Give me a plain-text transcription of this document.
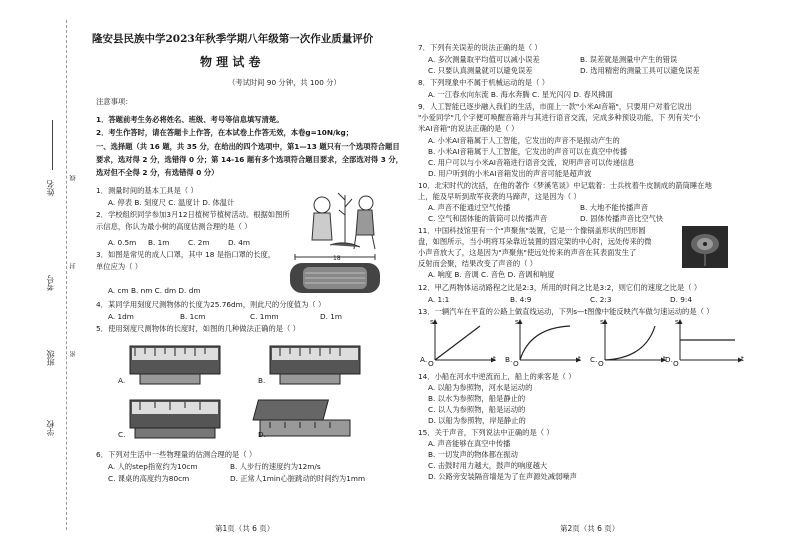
姓名
考号
班级
学校
密 封 线
隆安县民族中学2023年秋季学期八年级第一次作业质量评价
物 理 试 卷
（考试时间 90 分钟，共 100 分）
注意事项：
1．答题前考生务必将姓名、班级、考号等信息填写清楚。
2．考生作答时，请在答题卡上作答，在本试卷上作答无效，本卷g=10N/kg；
一、选择题（共 16 题，共 35 分，在给出的四个选项中，第1—13 题只有一个选项符合题目
要求，选对得 2 分，选错得 0 分；第 14-16 题有多个选项符合题目要求，全部选对得 3 分，
选对但不全得 2 分，有选错得 0 分）
1．测量时间的基本工具是（ ）
A. 停表 B. 刻度尺 C. 温度计 D. 体温计
2．学校组织同学参加3月12日植树节植树活动。根据如图所
示信息，你认为最小树的高度估测合理的是（ ）
A. 0.5m B. 1m	C. 2m	D. 4m
3．如图是常见的成人口罩，其中 18 是指口罩的长度，
单位应为（ ）
A. cm B. nm C. dm D. dm
18
4．某同学用刻度尺测物体的长度为25.76dm，则此尺的分度值为（ ）
A. 1dm	B. 1cm	C. 1mm	D. 1m
5．使用刻度尺测物体的长度时，如图的几种做法正确的是（ ）
A.	B.
C.	D.
6．下列对生活中一些物理量的估测合理的是（ ）
A. 人的step指宽约为10cm	B. 人步行的速度约为12m/s
C. 课桌的高度约为80cm	D. 正常人1min心脏跳动的时间约为1mm
第1页（共 6 页）
7．下列有关误差的说法正确的是（ ）
A. 多次测量取平均值可以减小误差	B. 误差就是测量中产生的错误
C. 只要认真测量就可以避免误差	D. 选用精密的测量工具可以避免误差
8．下列现象中不属于机械运动的是（ ）
A. 一江春水向东流 B. 海水奔腾 C. 星光闪闪 D. 春风拂面
9．人工智能已逐步融入我们的生活，市面上一款"小米AI音箱"，只要用户对着它说出
"小爱同学"几个字便可唤醒音箱并与其进行语音交流，完成多种预设功能，下 列有关"小
米AI音箱"的说法正确的是（ ）
A. 小米AI音箱属于人工智能，它发出的声音不是振动产生的
B. 小米AI音箱属于人工智能，它发出的声音可以在真空中传播
C. 用户可以与小米AI音箱进行语音交流，说明声音可以传递信息
D. 用户听到的小米AI音箱发出的声音可能是超声波
10．北宋时代的沈括，在他的著作《梦溪笔谈》中记载着：士兵枕着牛皮制成的箭筒睡在地
上，能及早听到敌军夜袭的马蹄声，这是因为（ ）
A. 声音不能通过空气传播	B. 大地不能传播声音
C. 空气和固体能的箭筒可以传播声音	D. 固体传播声音比空气快
11．中国科技馆里有一个"声聚焦"装置，它是一个像锅盖形状的凹形圆
盘，如图所示，当小明将耳朵靠近装置的固定架的中心时，远处传来的微
小声音放大了，这是因为"声聚焦"使远处传来的声音在其表面发生了
反射而会聚，结果改变了声音的（ ）
A. 响度 B. 音调 C. 音色 D. 音调和响度
12．甲乙两物体运动路程之比是2:3，所用的时间之比是3:2，则它们的速度之比是（ ）
A. 1:1	B. 4:9	C. 2:3	D. 9:4
13．一辆汽车在平直的公路上做直线运动，下列s—t图像中能反映汽车做匀速运动的是（ ）
s	s	s	s
A.	B.	C.	D.
O	O	O	O
t	t	t	t
14．小船在河水中逆流而上，船上的乘客是（ ）
A. 以船为参照物，河水是运动的
B. 以水为参照物，船是静止的
C. 以人为参照物，船是运动的
D. 以船为参照物，岸是静止的
15．关于声音，下列说法中正确的是（ ）
A. 声音能够在真空中传播
B. 一切发声的物体都在振动
C. 击鼓时用力越大，鼓声的响度越大
D. 公路旁安装隔音墙是为了在声源处减弱噪声
第2页（共 6 页）
